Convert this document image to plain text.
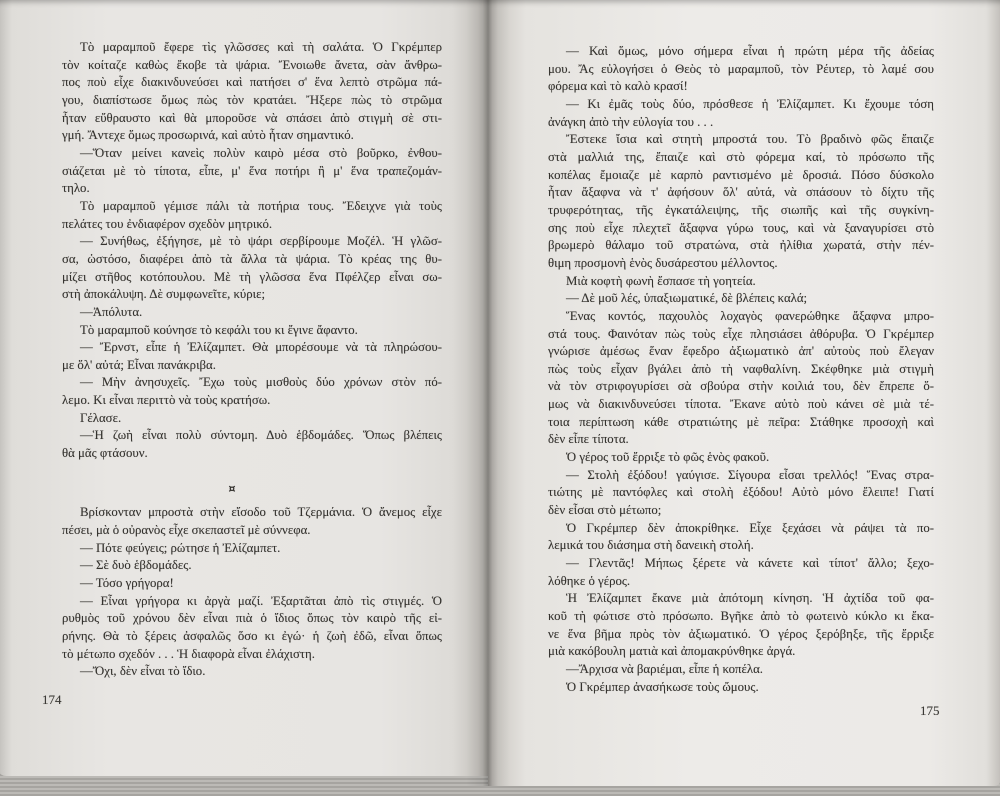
Τὸ μαραμποῦ ἔφερε τὶς γλῶσσες καὶ τὴ σαλάτα. Ὁ Γκρέμπερ
τὸν κοίταζε καθὼς ἔκοβε τὰ ψάρια. Ἔνοιωθε ἄνετα, σὰν ἄνθρω-
πος ποὺ εἶχε διακινδυνεύσει καὶ πατήσει σ' ἕνα λεπτὸ στρῶμα πά-
γου, διαπίστωσε ὅμως πὼς τὸν κρατάει. Ἤξερε πὼς τὸ στρῶμα
ἦταν εὔθραυστο καὶ θὰ μποροῦσε νὰ σπάσει ἀπὸ στιγμὴ σὲ στι-
γμή. Ἄντεχε ὅμως προσωρινά, καὶ αὐτὸ ἦταν σημαντικό.
—Ὅταν μείνει κανεὶς πολὺν καιρὸ μέσα στὸ βοῦρκο, ἐνθου-
σιάζεται μὲ τὸ τίποτα, εἶπε, μ' ἕνα ποτήρι ἢ μ' ἕνα τραπεζομάν-
τηλο.
Τὸ μαραμποῦ γέμισε πάλι τὰ ποτήρια τους. Ἔδειχνε γιὰ τοὺς
πελάτες του ἐνδιαφέρον σχεδὸν μητρικό.
— Συνήθως, ἐξήγησε, μὲ τὸ ψάρι σερβίρουμε Μοζέλ. Ἡ γλῶσ-
σα, ὡστόσο, διαφέρει ἀπὸ τὰ ἄλλα τὰ ψάρια. Τὸ κρέας της θυ-
μίζει στῆθος κοτόπουλου. Μὲ τὴ γλῶσσα ἕνα Πφέλζερ εἶναι σω-
στὴ ἀποκάλυψη. Δὲ συμφωνεῖτε, κύριε;
—Ἀπόλυτα.
Τὸ μαραμποῦ κούνησε τὸ κεφάλι του κι ἔγινε ἄφαντο.
— Ἔρνστ, εἶπε ἡ Ἐλίζαμπετ. Θὰ μπορέσουμε νὰ τὰ πληρώσου-
με ὅλ' αὐτά; Εἶναι πανάκριβα.
— Μὴν ἀνησυχεῖς. Ἔχω τοὺς μισθοὺς δύο χρόνων στὸν πό-
λεμο. Κι εἶναι περιττὸ νὰ τοὺς κρατήσω.
Γέλασε.
—Ἡ ζωὴ εἶναι πολὺ σύντομη. Δυὸ ἑβδομάδες. Ὅπως βλέπεις
θὰ μᾶς φτάσουν.
¤
Βρίσκονταν μπροστὰ στὴν εἴσοδο τοῦ Τζερμάνια. Ὁ ἄνεμος εἶχε
πέσει, μὰ ὁ οὐρανὸς εἶχε σκεπαστεῖ μὲ σύννεφα.
— Πότε φεύγεις; ρώτησε ἡ Ἐλίζαμπετ.
— Σὲ δυὸ ἑβδομάδες.
— Τόσο γρήγορα!
— Εἶναι γρήγορα κι ἀργὰ μαζί. Ἐξαρτᾶται ἀπὸ τὶς στιγμές. Ὁ
ρυθμὸς τοῦ χρόνου δὲν εἶναι πιὰ ὁ ἴδιος ὅπως τὸν καιρὸ τῆς εἰ-
ρήνης. Θὰ τὸ ξέρεις ἀσφαλῶς ὅσο κι ἐγώ· ἡ ζωὴ ἐδῶ, εἶναι ὅπως
τὸ μέτωπο σχεδόν . . . Ἡ διαφορὰ εἶναι ἐλάχιστη.
—Ὄχι, δὲν εἶναι τὸ ἴδιο.
— Καὶ ὅμως, μόνο σήμερα εἶναι ἡ πρώτη μέρα τῆς ἀδείας
μου. Ἄς εὐλογήσει ὁ Θεὸς τὸ μαραμποῦ, τὸν Ρέυτερ, τὸ λαμέ σου
φόρεμα καὶ τὸ καλὸ κρασί!
— Κι ἐμᾶς τοὺς δύο, πρόσθεσε ἡ Ἐλίζαμπετ. Κι ἔχουμε τόση
ἀνάγκη ἀπὸ τὴν εὐλογία του . . .
Ἔστεκε ἴσια καὶ στητὴ μπροστά του. Τὸ βραδινὸ φῶς ἔπαιζε
στὰ μαλλιά της, ἔπαιζε καὶ στὸ φόρεμα καί, τὸ πρόσωπο τῆς
κοπέλας ἔμοιαζε μὲ καρπὸ ραντισμένο μὲ δροσιά. Πόσο δύσκολο
ἦταν ἄξαφνα νὰ τ' ἀφήσουν ὅλ' αὐτά, νὰ σπάσουν τὸ δίχτυ τῆς
τρυφερότητας, τῆς ἐγκατάλειψης, τῆς σιωπῆς καὶ τῆς συγκίνη-
σης ποὺ εἶχε πλεχτεῖ ἄξαφνα γύρω τους, καὶ νὰ ξαναγυρίσει στὸ
βρωμερὸ θάλαμο τοῦ στρατώνα, στὰ ἠλίθια χωρατά, στὴν πέν-
θιμη προσμονὴ ἑνὸς δυσάρεστου μέλλοντος.
Μιὰ κοφτὴ φωνὴ ἔσπασε τὴ γοητεία.
— Δὲ μοῦ λές, ὑπαξιωματικέ, δὲ βλέπεις καλά;
Ἕνας κοντός, παχουλὸς λοχαγὸς φανερώθηκε ἄξαφνα μπρο-
στά τους. Φαινόταν πὼς τοὺς εἶχε πλησιάσει ἀθόρυβα. Ὁ Γκρέμπερ
γνώρισε ἀμέσως ἕναν ἔφεδρο ἀξιωματικὸ ἀπ' αὐτοὺς ποὺ ἔλεγαν
πὼς τοὺς εἶχαν βγάλει ἀπὸ τὴ ναφθαλίνη. Σκέφθηκε μιὰ στιγμὴ
νὰ τὸν στριφογυρίσει σὰ σβούρα στὴν κοιλιά του, δὲν ἔπρεπε ὅ-
μως νὰ διακινδυνεύσει τίποτα. Ἔκανε αὐτὸ ποὺ κάνει σὲ μιὰ τέ-
τοια περίπτωση κάθε στρατιώτης μὲ πεῖρα: Στάθηκε προσοχὴ καὶ
δὲν εἶπε τίποτα.
Ὁ γέρος τοῦ ἔρριξε τὸ φῶς ἑνὸς φακοῦ.
— Στολὴ ἐξόδου! γαύγισε. Σίγουρα εἶσαι τρελλός! Ἕνας στρα-
τιώτης μὲ παντόφλες καὶ στολὴ ἐξόδου! Αὐτὸ μόνο ἔλειπε! Γιατί
δὲν εἶσαι στὸ μέτωπο;
Ὁ Γκρέμπερ δὲν ἀποκρίθηκε. Εἶχε ξεχάσει νὰ ράψει τὰ πο-
λεμικά του διάσημα στὴ δανεικὴ στολή.
— Γλεντᾶς! Μήπως ξέρετε νὰ κάνετε καὶ τίποτ' ἄλλο; ξεχο-
λόθηκε ὁ γέρος.
Ἡ Ἐλίζαμπετ ἔκανε μιὰ ἀπότομη κίνηση. Ἡ ἀχτίδα τοῦ φα-
κοῦ τὴ φώτισε στὸ πρόσωπο. Βγῆκε ἀπὸ τὸ φωτεινὸ κύκλο κι ἔκα-
νε ἕνα βῆμα πρὸς τὸν ἀξιωματικό. Ὁ γέρος ξερόβηξε, τῆς ἔρριξε
μιὰ κακόβουλη ματιὰ καὶ ἀπομακρύνθηκε ἀργά.
—Ἄρχισα νὰ βαριέμαι, εἶπε ἡ κοπέλα.
Ὁ Γκρέμπερ ἀνασήκωσε τοὺς ὤμους.
174
175
